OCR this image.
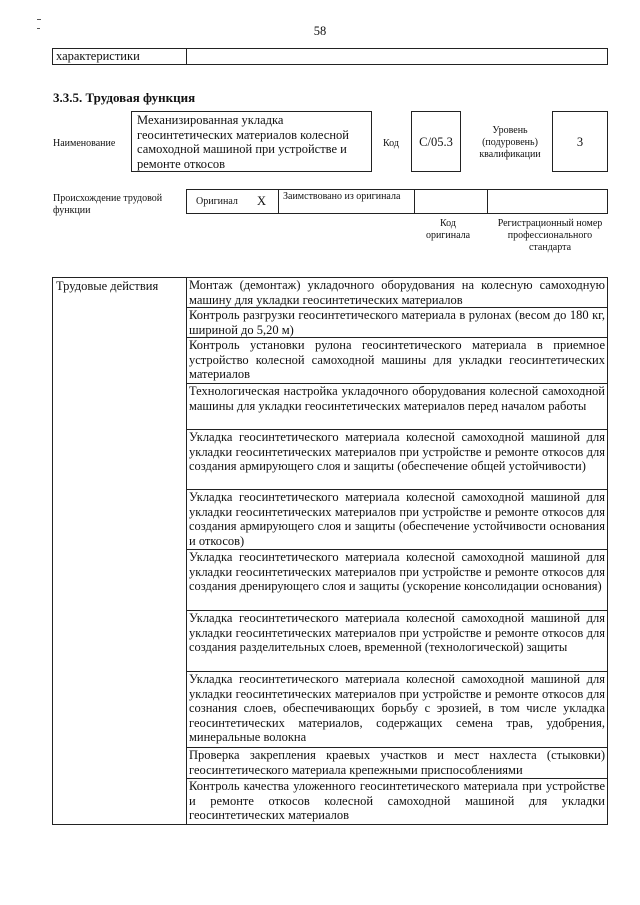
58
характеристики
3.3.5. Трудовая функция
Наименование
Механизированная укладка геосинтетических материалов колесной самоходной машиной при устройстве и ремонте откосов
Код	C/05.3
Уровень (подуровень) квалификации
3
Происхождение трудовой функции
Оригинал X Заимствовано из оригинала
Код оригинала
Регистрационный номер профессионального стандарта
Трудовые действия Монтаж (демонтаж) укладочного оборудования на колесную самоходную машину для укладки геосинтетических материалов
Контроль разгрузки геосинтетического материала в рулонах (весом до 180 кг, шириной до 5,20 м)
Контроль установки рулона геосинтетического материала в приемное устройство колесной самоходной машины для укладки геосинтетических материалов
Технологическая настройка укладочного оборудования колесной самоходной машины для укладки геосинтетических материалов перед началом работы
Укладка геосинтетического материала колесной самоходной машиной для укладки геосинтетических материалов при устройстве и ремонте откосов для создания армирующего слоя и защиты (обеспечение общей устойчивости)
Укладка геосинтетического материала колесной самоходной машиной для укладки геосинтетических материалов при устройстве и ремонте откосов для создания армирующего слоя и защиты (обеспечение устойчивости основания и откосов)
Укладка геосинтетического материала колесной самоходной машиной для укладки геосинтетических материалов при устройстве и ремонте откосов для создания дренирующего слоя и защиты (ускорение консолидации основания)
Укладка геосинтетического материала колесной самоходной машиной для укладки геосинтетических материалов при устройстве и ремонте откосов для создания разделительных слоев, временной (технологической) защиты
Укладка геосинтетического материала колесной самоходной машиной для укладки геосинтетических материалов при устройстве и ремонте откосов для сознания слоев, обеспечивающих борьбу с эрозией, в том числе укладка геосинтетических материалов, содержащих семена трав, удобрения, минеральные волокна
Проверка закрепления краевых участков и мест нахлеста (стыковки) геосинтетического материала крепежными приспособлениями
Контроль качества уложенного геосинтетического материала при устройстве и ремонте откосов колесной самоходной машиной для укладки геосинтетических материалов
